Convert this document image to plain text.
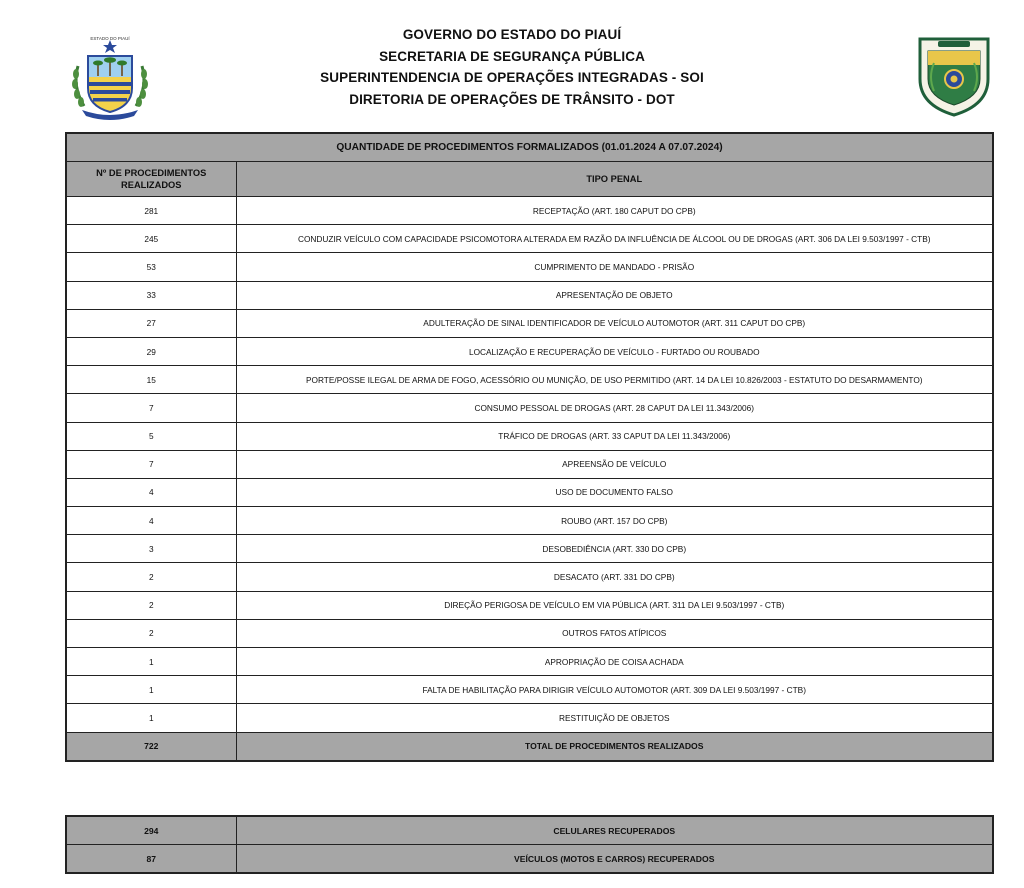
ESTADO DO PIAUÍ	GOVERNO DO ESTADO DO PIAUÍ
SECRETARIA DE SEGURANÇA PÚBLICA
SUPERINTENDENCIA DE OPERAÇÕES INTEGRADAS - SOI
DIRETORIA DE OPERAÇÕES DE TRÂNSITO - DOT
QUANTIDADE DE PROCEDIMENTOS FORMALIZADOS (01.01.2024 A 07.07.2024)	
Nº DE PROCEDIMENTOS REALIZADOS	TIPO PENAL
281	RECEPTAÇÃO (ART. 180 CAPUT DO CPB)
245	CONDUZIR VEÍCULO COM CAPACIDADE PSICOMOTORA ALTERADA EM RAZÃO DA INFLUÊNCIA DE ÁLCOOL OU DE DROGAS (ART. 306 DA LEI 9.503/1997 - CTB)
53	CUMPRIMENTO DE MANDADO - PRISÃO
33	APRESENTAÇÃO DE OBJETO
27	ADULTERAÇÃO DE SINAL IDENTIFICADOR DE VEÍCULO AUTOMOTOR (ART. 311 CAPUT DO CPB)
29	LOCALIZAÇÃO E RECUPERAÇÃO DE VEÍCULO - FURTADO OU ROUBADO
15	PORTE/POSSE ILEGAL DE ARMA DE FOGO, ACESSÓRIO OU MUNIÇÃO, DE USO PERMITIDO (ART. 14 DA LEI 10.826/2003 - ESTATUTO DO DESARMAMENTO)
7	CONSUMO PESSOAL DE DROGAS (ART. 28 CAPUT DA LEI 11.343/2006)
5	TRÁFICO DE DROGAS (ART. 33 CAPUT DA LEI 11.343/2006)
7	APREENSÃO DE VEÍCULO
4	USO DE DOCUMENTO FALSO
4	ROUBO (ART. 157 DO CPB)
3	DESOBEDIÊNCIA (ART. 330 DO CPB)
2	DESACATO (ART. 331 DO CPB)
2	DIREÇÃO PERIGOSA DE VEÍCULO EM VIA PÚBLICA (ART. 311 DA LEI 9.503/1997 - CTB)
2	OUTROS FATOS ATÍPICOS
1	APROPRIAÇÃO DE COISA ACHADA
1	FALTA DE HABILITAÇÃO PARA DIRIGIR VEÍCULO AUTOMOTOR (ART. 309 DA LEI 9.503/1997 - CTB)
1	RESTITUIÇÃO DE OBJETOS
722	TOTAL DE PROCEDIMENTOS REALIZADOS
294	CELULARES RECUPERADOS
87	VEÍCULOS (MOTOS E CARROS) RECUPERADOS
